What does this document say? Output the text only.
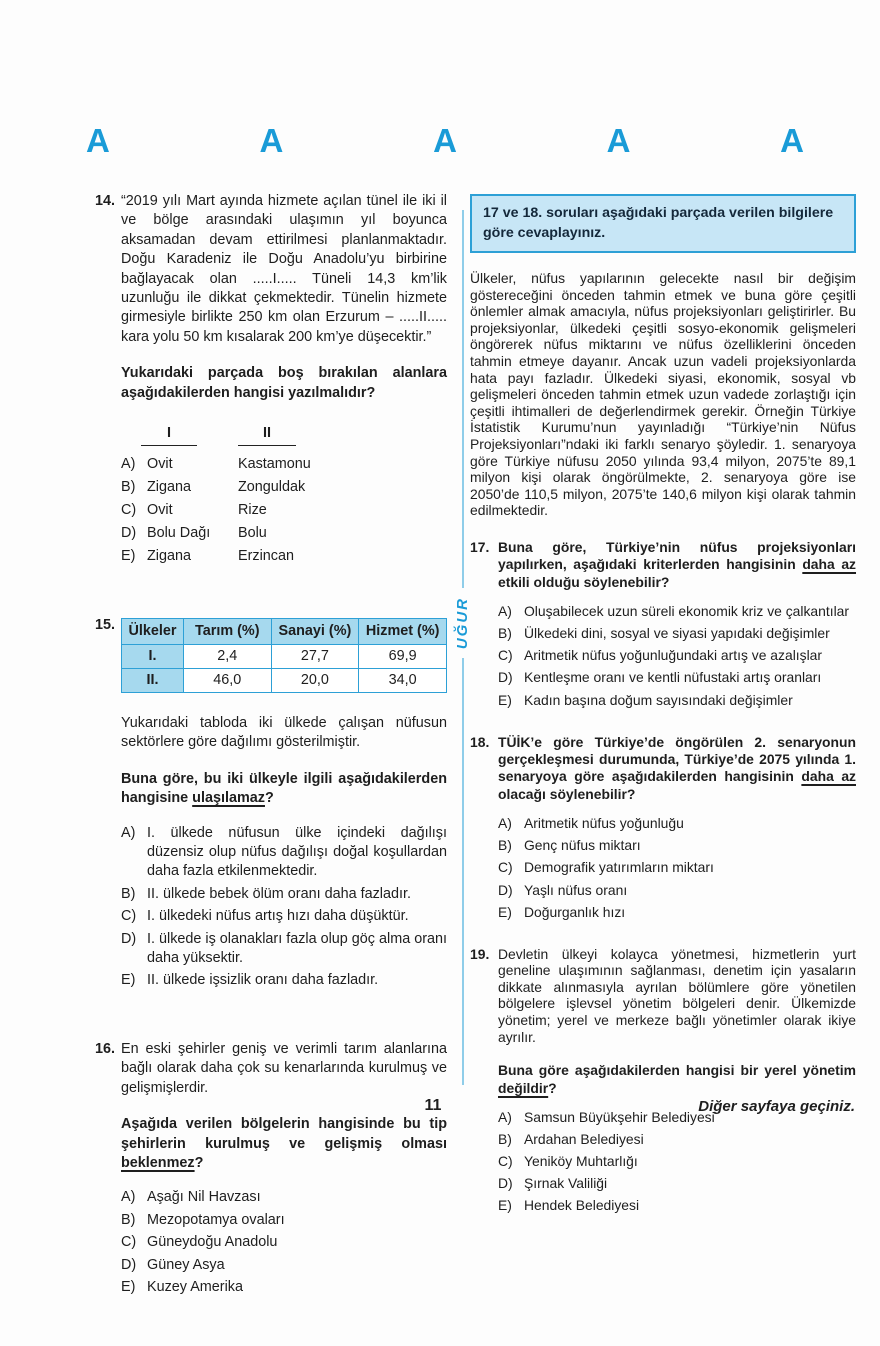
A	A	A	A	A
UĞUR
14. “2019 yılı Mart ayında hizmete açılan tünel ile iki il ve bölge arasındaki ulaşımın yıl boyunca aksamadan devam ettirilmesi planlanmaktadır. Doğu Karadeniz ile Doğu Anadolu’yu birbirine bağlayacak olan .....I..... Tüneli 14,3 km’lik uzunluğu ile dikkat çekmektedir. Tünelin hizmete girmesiyle birlikte 250 km olan Erzurum – .....II..... kara yolu 50 km kısalarak 200 km’ye düşecektir.”

Yukarıdaki parçada boş bırakılan alanlara aşağıdakilerden hangisi yazılmalıdır?

I	II
A) Ovit	Kastamonu
B) Zigana	Zonguldak
C) Ovit	Rize
D) Bolu Dağı	Bolu
E) Zigana	Erzincan
15. Ülkeler	Tarım (%)	Sanayi (%)	Hizmet (%)
I.	2,4	27,7	69,9
II.	46,0	20,0	34,0

Yukarıdaki tabloda iki ülkede çalışan nüfusun sektörlere göre dağılımı gösterilmiştir.

Buna göre, bu iki ülkeyle ilgili aşağıdakilerden hangisine ulaşılamaz?

A) I. ülkede nüfusun ülke içindeki dağılışı düzensiz olup nüfus dağılışı doğal koşullardan daha fazla etkilenmektedir.
B) II. ülkede bebek ölüm oranı daha fazladır.
C) I. ülkedeki nüfus artış hızı daha düşüktür.
D) I. ülkede iş olanakları fazla olup göç alma oranı daha yüksektir.
E) II. ülkede işsizlik oranı daha fazladır.
16. En eski şehirler geniş ve verimli tarım alanlarına bağlı olarak daha çok su kenarlarında kurulmuş ve gelişmişlerdir.

Aşağıda verilen bölgelerin hangisinde bu tip şehirlerin kurulmuş ve gelişmiş olması beklenmez?

A) Aşağı Nil Havzası
B) Mezopotamya ovaları
C) Güneydoğu Anadolu
D) Güney Asya
E) Kuzey Amerika
17 ve 18. soruları aşağıdaki parçada verilen bilgilere göre cevaplayınız.

Ülkeler, nüfus yapılarının gelecekte nasıl bir değişim göstereceğini önceden tahmin etmek ve buna göre çeşitli önlemler almak amacıyla, nüfus projeksiyonları geliştirirler. Bu projeksiyonlar, ülkedeki çeşitli sosyo-ekonomik gelişmeleri öngörerek nüfus miktarını ve nüfus özelliklerini önceden tahmin etmeye dayanır. Ancak uzun vadeli projeksiyonlarda hata payı fazladır. Ülkedeki siyasi, ekonomik, sosyal vb gelişmeleri önceden tahmin etmek uzun vadede zorlaştığı için çeşitli ihtimalleri de değerlendirmek gerekir. Örneğin Türkiye İstatistik Kurumu’nun yayınladığı “Türkiye’nin Nüfus Projeksiyonları”ndaki iki farklı senaryo şöyledir. 1. senaryoya göre Türkiye nüfusu 2050 yılında 93,4 milyon, 2075’te 89,1 milyon kişi olarak öngörülmekte, 2. senaryoya göre ise 2050’de 110,5 milyon, 2075’te 140,6 milyon kişi olarak tahmin edilmektedir.

17. Buna göre, Türkiye’nin nüfus projeksiyonları yapılırken, aşağıdaki kriterlerden hangisinin daha az etkili olduğu söylenebilir?

A) Oluşabilecek uzun süreli ekonomik kriz ve çalkantılar
B) Ülkedeki dini, sosyal ve siyasi yapıdaki değişimler
C) Aritmetik nüfus yoğunluğundaki artış ve azalışlar
D) Kentleşme oranı ve kentli nüfustaki artış oranları
E) Kadın başına doğum sayısındaki değişimler
18. TÜİK’e göre Türkiye’de öngörülen 2. senaryonun gerçekleşmesi durumunda, Türkiye’de 2075 yılında 1. senaryoya göre aşağıdakilerden hangisinin daha az olacağı söylenebilir?

A) Aritmetik nüfus yoğunluğu
B) Genç nüfus miktarı
C) Demografik yatırımların miktarı
D) Yaşlı nüfus oranı
E) Doğurganlık hızı
19. Devletin ülkeyi kolayca yönetmesi, hizmetlerin yurt geneline ulaşımının sağlanması, denetim için yasaların dikkate alınmasıyla ayrılan bölümlere göre yönetilen bölgelere işlevsel yönetim bölgeleri denir. Ülkemizde yönetim; yerel ve merkeze bağlı yönetimler olarak ikiye ayrılır.

Buna göre aşağıdakilerden hangisi bir yerel yönetim değildir?

A) Samsun Büyükşehir Belediyesi
B) Ardahan Belediyesi
C) Yeniköy Muhtarlığı
D) Şırnak Valiliği
E) Hendek Belediyesi
11	Diğer sayfaya geçiniz.
